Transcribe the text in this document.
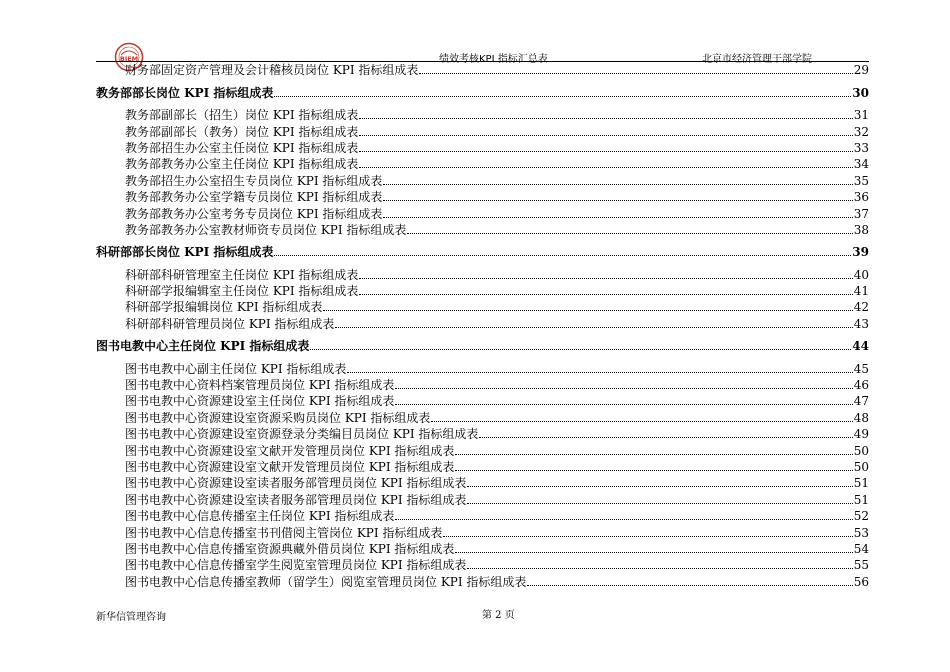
BIEM	绩效考核KPI 指标汇总表	北京市经济管理干部学院
财务部固定资产管理及会计稽核员岗位 KPI 指标组成表	29
教务部部长岗位 KPI 指标组成表	30
教务部副部长（招生）岗位 KPI 指标组成表	31
教务部副部长（教务）岗位 KPI 指标组成表	32
教务部招生办公室主任岗位 KPI 指标组成表	33
教务部教务办公室主任岗位 KPI 指标组成表	34
教务部招生办公室招生专员岗位 KPI 指标组成表	35
教务部教务办公室学籍专员岗位 KPI 指标组成表	36
教务部教务办公室考务专员岗位 KPI 指标组成表	37
教务部教务办公室教材师资专员岗位 KPI 指标组成表	38
科研部部长岗位 KPI 指标组成表	39
科研部科研管理室主任岗位 KPI 指标组成表	40
科研部学报编辑室主任岗位 KPI 指标组成表	41
科研部学报编辑岗位 KPI 指标组成表	42
科研部科研管理员岗位 KPI 指标组成表	43
图书电教中心主任岗位 KPI 指标组成表	44
图书电教中心副主任岗位 KPI 指标组成表	45
图书电教中心资料档案管理员岗位 KPI 指标组成表	46
图书电教中心资源建设室主任岗位 KPI 指标组成表	47
图书电教中心资源建设室资源采购员岗位 KPI 指标组成表	48
图书电教中心资源建设室资源登录分类编目员岗位 KPI 指标组成表	49
图书电教中心资源建设室文献开发管理员岗位 KPI 指标组成表	50
图书电教中心资源建设室文献开发管理员岗位 KPI 指标组成表	50
图书电教中心资源建设室读者服务部管理员岗位 KPI 指标组成表	51
图书电教中心资源建设室读者服务部管理员岗位 KPI 指标组成表	51
图书电教中心信息传播室主任岗位 KPI 指标组成表	52
图书电教中心信息传播室书刊借阅主管岗位 KPI 指标组成表	53
图书电教中心信息传播室资源典藏外借员岗位 KPI 指标组成表	54
图书电教中心信息传播室学生阅览室管理员岗位 KPI 指标组成表	55
图书电教中心信息传播室教师（留学生）阅览室管理员岗位 KPI 指标组成表	56
新华信管理咨询	第 2 页
